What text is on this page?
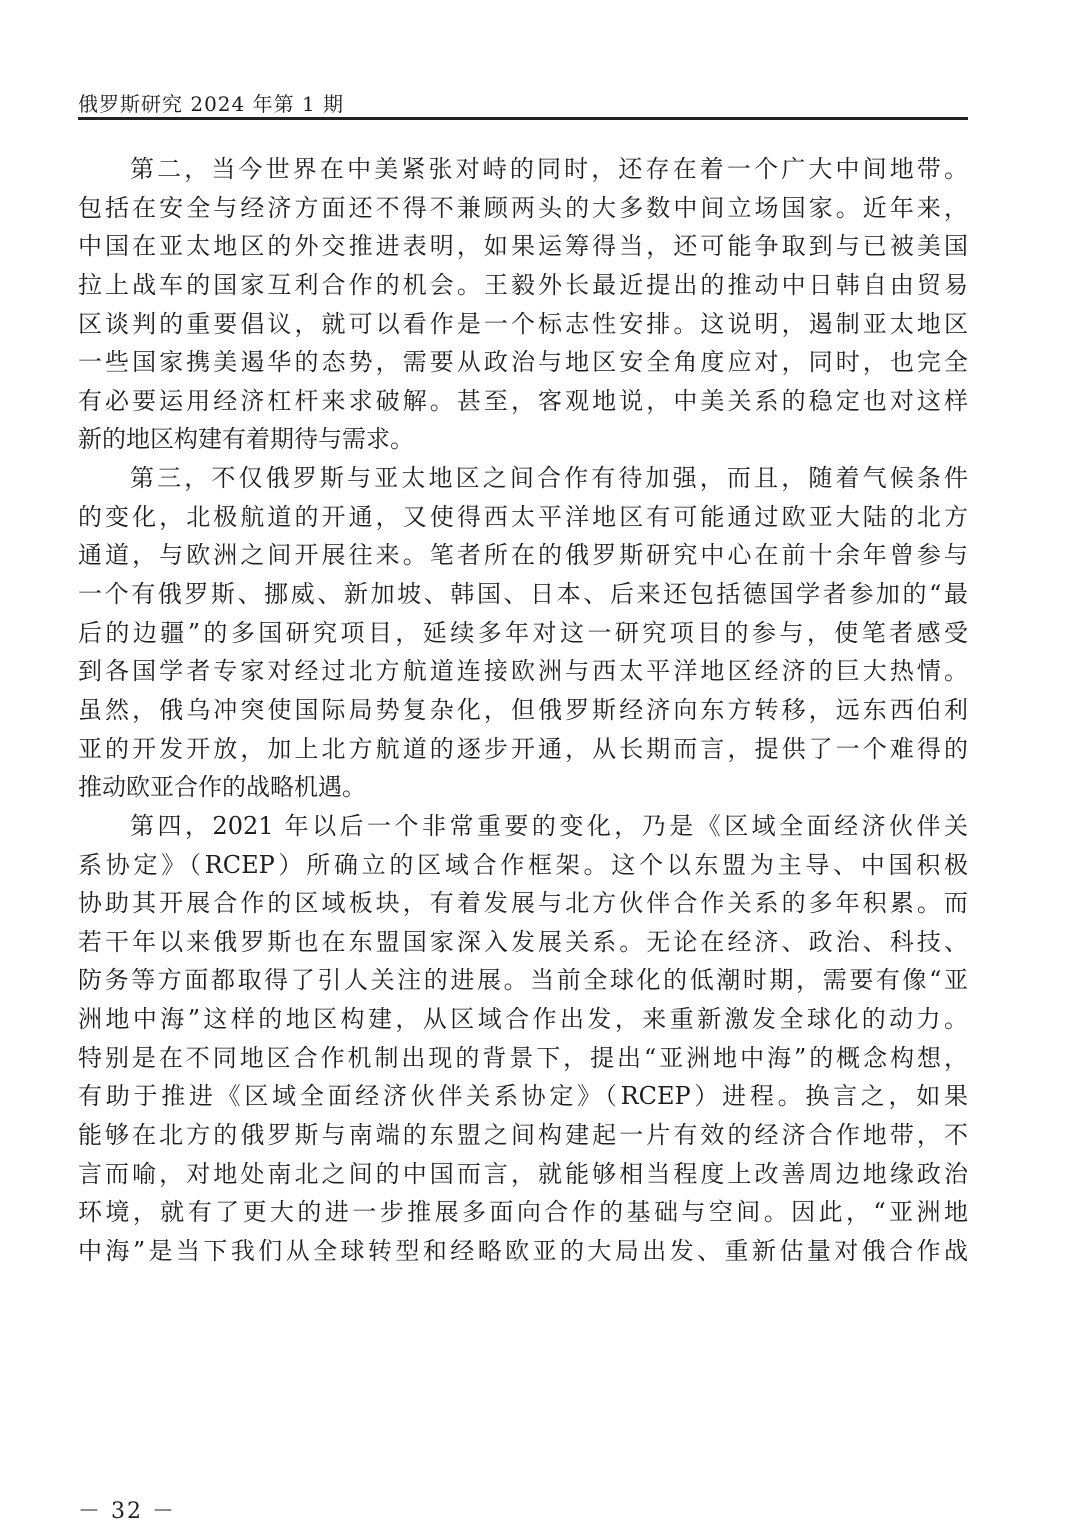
俄罗斯研究 2024 年第 1 期
第二，当今世界在中美紧张对峙的同时，还存在着一个广大中间地带。
包括在安全与经济方面还不得不兼顾两头的大多数中间立场国家。近年来，
中国在亚太地区的外交推进表明，如果运筹得当，还可能争取到与已被美国
拉上战车的国家互利合作的机会。王毅外长最近提出的推动中日韩自由贸易
区谈判的重要倡议，就可以看作是一个标志性安排。这说明，遏制亚太地区
一些国家携美遏华的态势，需要从政治与地区安全角度应对，同时，也完全
有必要运用经济杠杆来求破解。甚至，客观地说，中美关系的稳定也对这样
新的地区构建有着期待与需求。
第三，不仅俄罗斯与亚太地区之间合作有待加强，而且，随着气候条件
的变化，北极航道的开通，又使得西太平洋地区有可能通过欧亚大陆的北方
通道，与欧洲之间开展往来。笔者所在的俄罗斯研究中心在前十余年曾参与
一个有俄罗斯、挪威、新加坡、韩国、日本、后来还包括德国学者参加的“最
后的边疆”的多国研究项目，延续多年对这一研究项目的参与，使笔者感受
到各国学者专家对经过北方航道连接欧洲与西太平洋地区经济的巨大热情。
虽然，俄乌冲突使国际局势复杂化，但俄罗斯经济向东方转移，远东西伯利
亚的开发开放，加上北方航道的逐步开通，从长期而言，提供了一个难得的
推动欧亚合作的战略机遇。
第四，2021 年以后一个非常重要的变化，乃是《区域全面经济伙伴关
系协定》（RCEP）所确立的区域合作框架。这个以东盟为主导、中国积极
协助其开展合作的区域板块，有着发展与北方伙伴合作关系的多年积累。而
若干年以来俄罗斯也在东盟国家深入发展关系。无论在经济、政治、科技、
防务等方面都取得了引人关注的进展。当前全球化的低潮时期，需要有像“亚
洲地中海”这样的地区构建，从区域合作出发，来重新激发全球化的动力。
特别是在不同地区合作机制出现的背景下，提出“亚洲地中海”的概念构想，
有助于推进《区域全面经济伙伴关系协定》（RCEP）进程。换言之，如果
能够在北方的俄罗斯与南端的东盟之间构建起一片有效的经济合作地带，不
言而喻，对地处南北之间的中国而言，就能够相当程度上改善周边地缘政治
环境，就有了更大的进一步推展多面向合作的基础与空间。因此，“亚洲地
中海”是当下我们从全球转型和经略欧亚的大局出发、重新估量对俄合作战
－ 32 －
